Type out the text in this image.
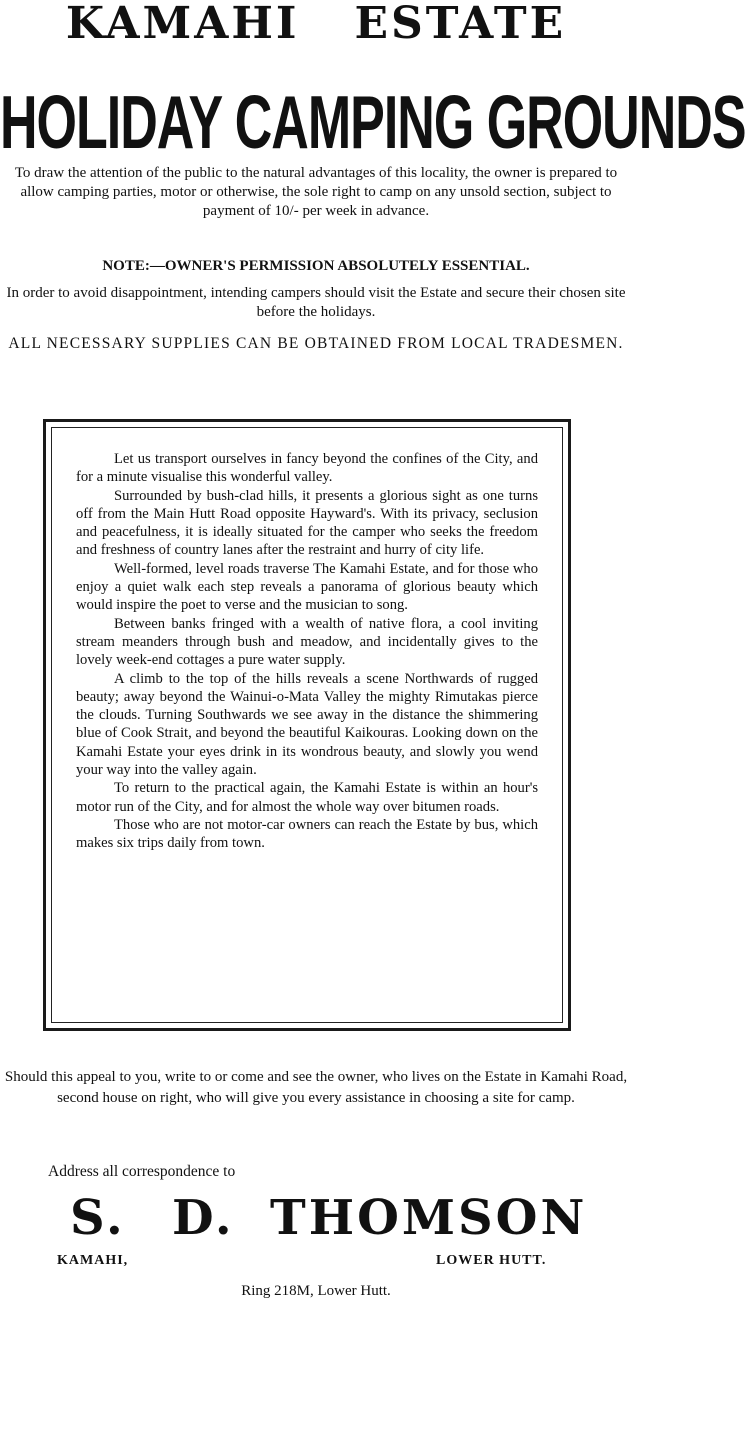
KAMAHI   ESTATE
HOLIDAY CAMPING GROUNDS
To draw the attention of the public to the natural advantages of this locality, the owner is prepared to allow camping parties, motor or otherwise, the sole right to camp on any unsold section, subject to payment of 10/- per week in advance.
NOTE:—OWNER'S PERMISSION ABSOLUTELY ESSENTIAL.
In order to avoid disappointment, intending campers should visit the Estate and secure their chosen site before the holidays.
ALL NECESSARY SUPPLIES CAN BE OBTAINED FROM LOCAL TRADESMEN.

Let us transport ourselves in fancy beyond the confines of the City, and for a minute visualise this wonderful valley.

Surrounded by bush-clad hills, it presents a glorious sight as one turns off from the Main Hutt Road opposite Hayward's. With its privacy, seclusion and peacefulness, it is ideally situated for the camper who seeks the freedom and freshness of country lanes after the restraint and hurry of city life.

Well-formed, level roads traverse The Kamahi Estate, and for those who enjoy a quiet walk each step reveals a panorama of glorious beauty which would inspire the poet to verse and the musician to song.

Between banks fringed with a wealth of native flora, a cool inviting stream meanders through bush and meadow, and incidentally gives to the lovely week-end cottages a pure water supply.

A climb to the top of the hills reveals a scene Northwards of rugged beauty; away beyond the Wainui-o-Mata Valley the mighty Rimutakas pierce the clouds. Turning Southwards we see away in the distance the shimmering blue of Cook Strait, and beyond the beautiful Kaikouras. Looking down on the Kamahi Estate your eyes drink in its wondrous beauty, and slowly you wend your way into the valley again.

To return to the practical again, the Kamahi Estate is within an hour's motor run of the City, and for almost the whole way over bitumen roads.

Those who are not motor-car owners can reach the Estate by bus, which makes six trips daily from town.

Should this appeal to you, write to or come and see the owner, who lives on the Estate in Kamahi Road, second house on right, who will give you every assistance in choosing a site for camp.
Address all correspondence to

S.

D.

THOMSON

KAMAHI,	LOWER HUTT.
Ring 218M, Lower Hutt.
